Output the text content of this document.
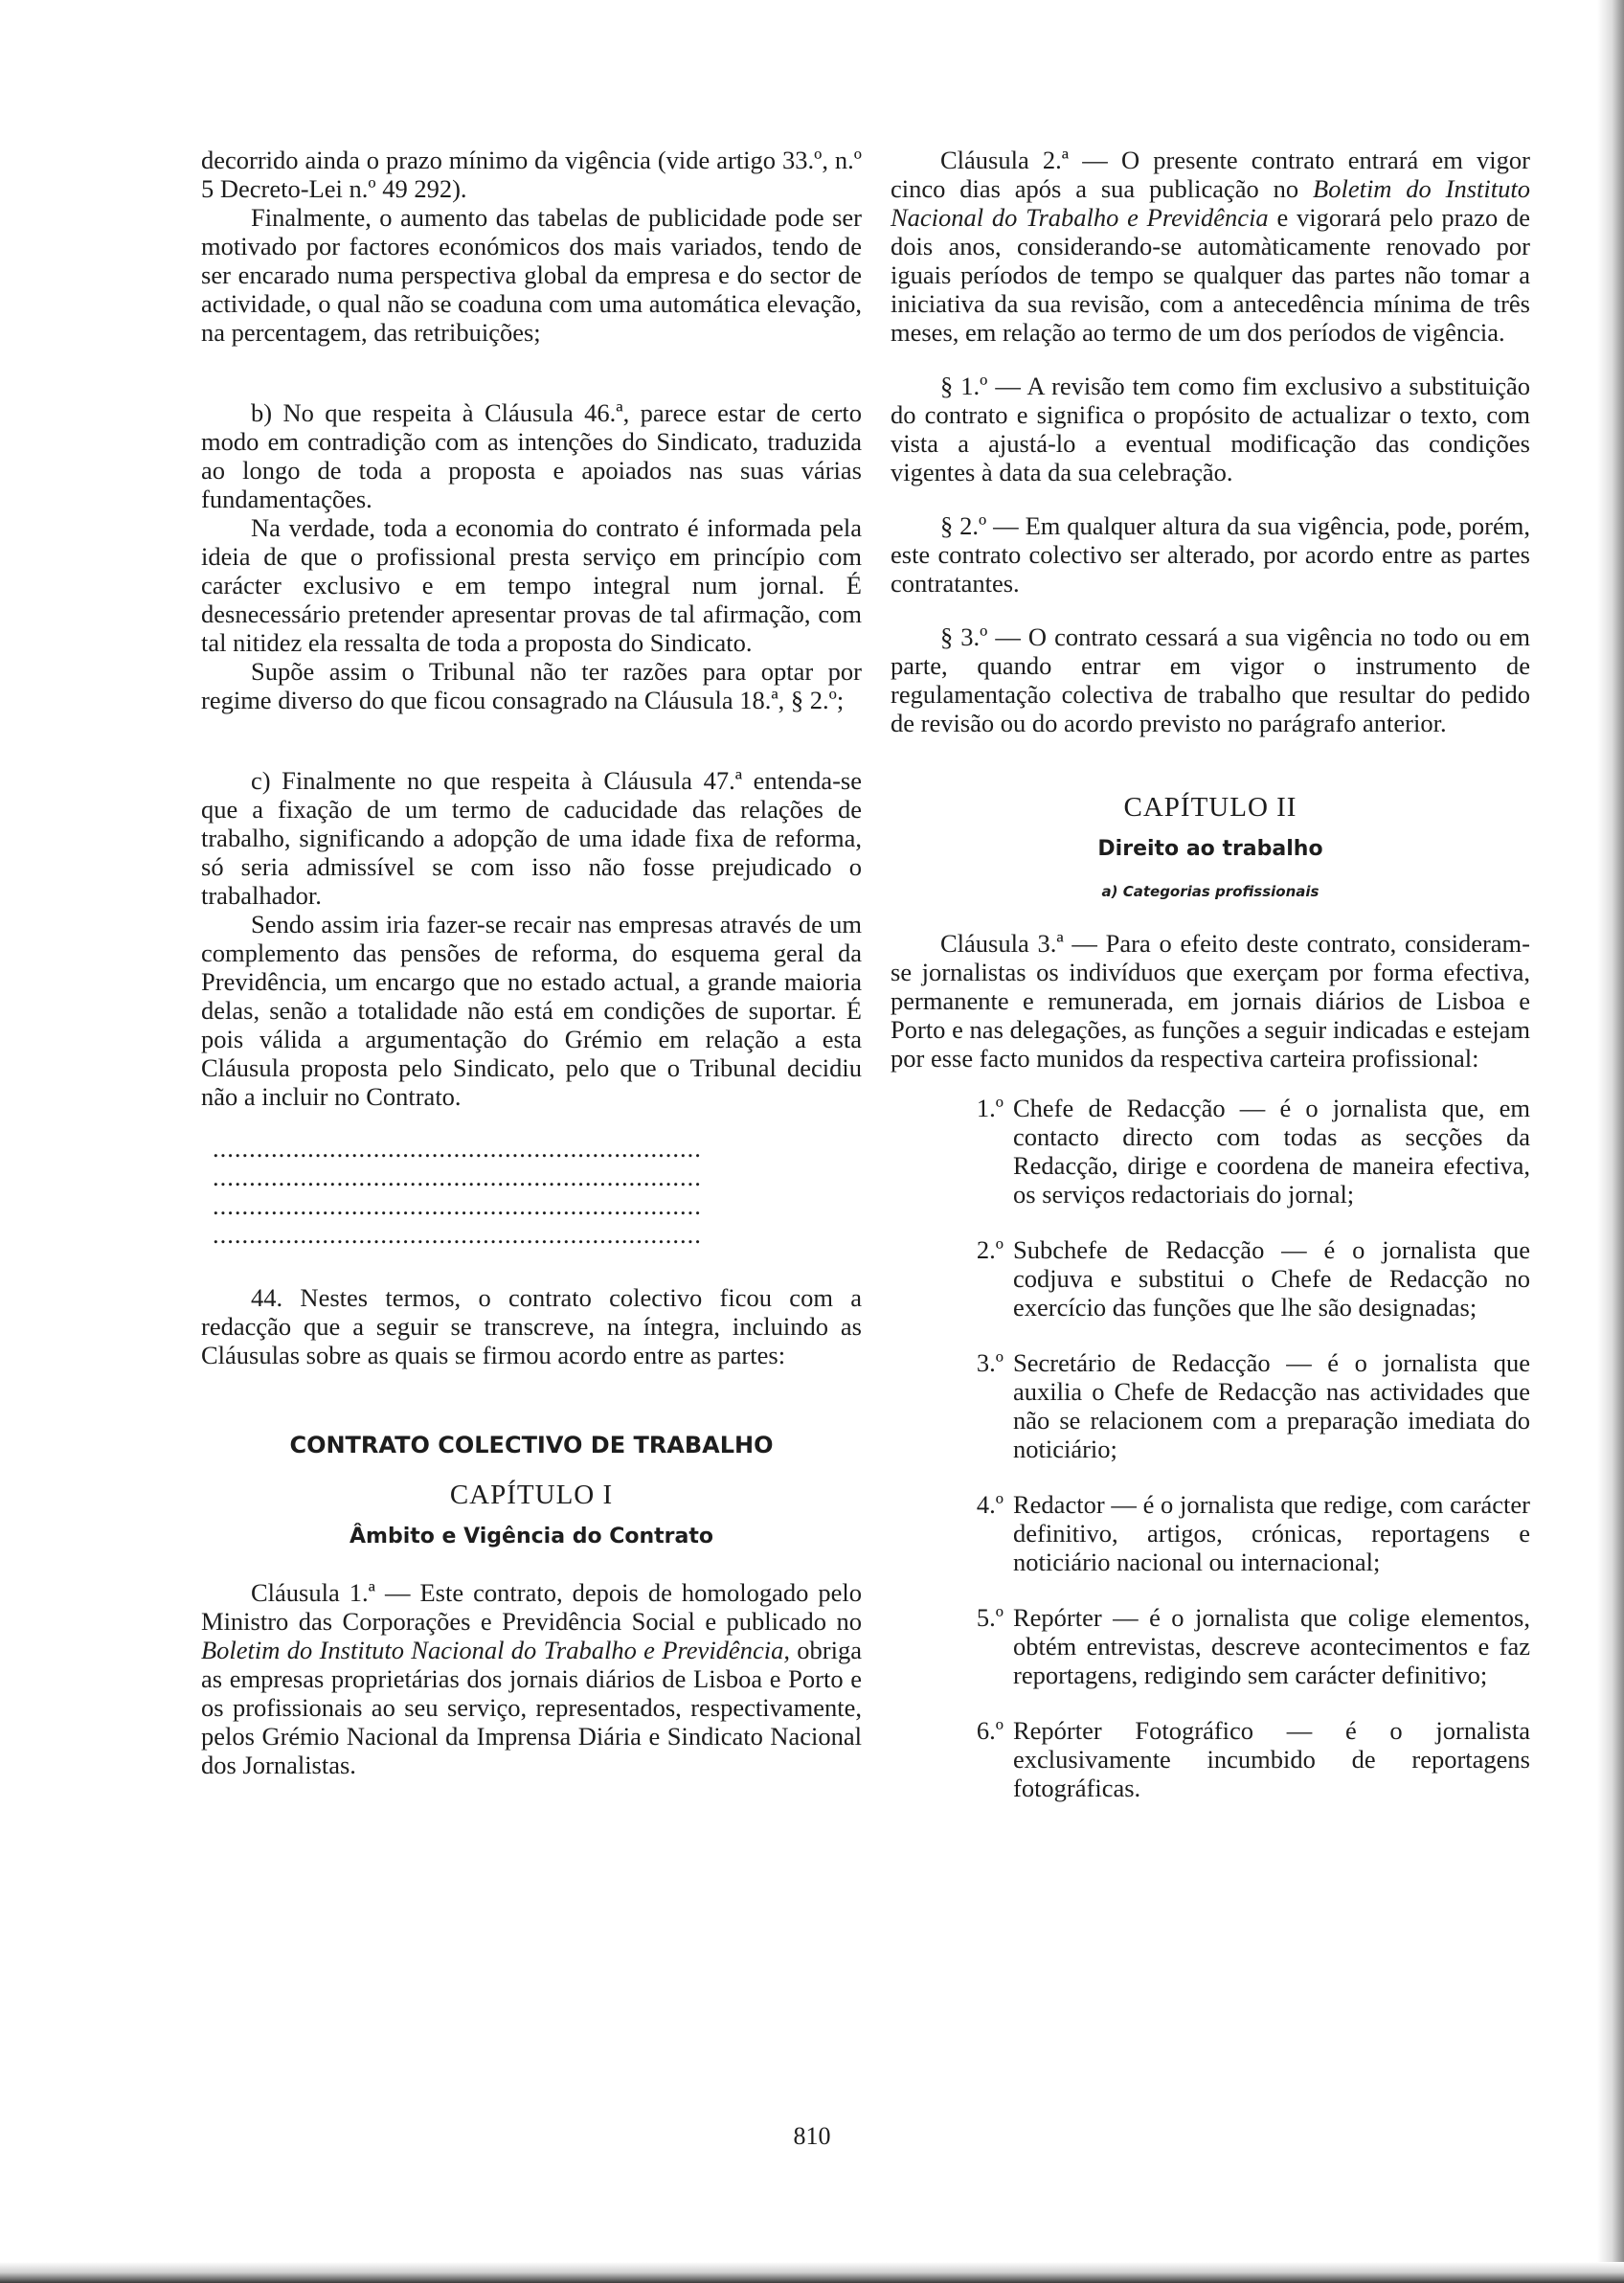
decorrido ainda o prazo mínimo da vigência (vide artigo 33.º, n.º 5 Decreto-Lei n.º 49 292).

Finalmente, o aumento das tabelas de publicidade pode ser motivado por factores económicos dos mais variados, tendo de ser encarado numa perspectiva global da empresa e do sector de actividade, o qual não se coaduna com uma automática elevação, na percentagem, das retribuições;

b) No que respeita à Cláusula 46.ª, parece estar de certo modo em contradição com as intenções do Sindicato, traduzida ao longo de toda a proposta e apoiados nas suas várias fundamentações.

Na verdade, toda a economia do contrato é informada pela ideia de que o profissional presta serviço em princípio com carácter exclusivo e em tempo integral num jornal. É desnecessário pretender apresentar provas de tal afirmação, com tal nitidez ela ressalta de toda a proposta do Sindicato.

Supõe assim o Tribunal não ter razões para optar por regime diverso do que ficou consagrado na Cláusula 18.ª, § 2.º;

c) Finalmente no que respeita à Cláusula 47.ª entenda-se que a fixação de um termo de caducidade das relações de trabalho, significando a adopção de uma idade fixa de reforma, só seria admissível se com isso não fosse prejudicado o trabalhador.

Sendo assim iria fazer-se recair nas empresas através de um complemento das pensões de reforma, do esquema geral da Previdência, um encargo que no estado actual, a grande maioria delas, senão a totalidade não está em condições de suportar. É pois válida a argumentação do Grémio em relação a esta Cláusula proposta pelo Sindicato, pelo que o Tribunal decidiu não a incluir no Contrato.

...................................................................
...................................................................
...................................................................
...................................................................

44. Nestes termos, o contrato colectivo ficou com a redacção que a seguir se transcreve, na íntegra, incluindo as Cláusulas sobre as quais se firmou acordo entre as partes:

CONTRATO COLECTIVO DE TRABALHO
CAPÍTULO I
Âmbito e Vigência do Contrato

Cláusula 1.ª — Este contrato, depois de homologado pelo Ministro das Corporações e Previdência Social e publicado no Boletim do Instituto Nacional do Trabalho e Previdência, obriga as empresas proprietárias dos jornais diários de Lisboa e Porto e os profissionais ao seu serviço, representados, respectivamente, pelos Grémio Nacional da Imprensa Diária e Sindicato Nacional dos Jornalistas.

Cláusula 2.ª — O presente contrato entrará em vigor cinco dias após a sua publicação no Boletim do Instituto Nacional do Trabalho e Previdência e vigorará pelo prazo de dois anos, considerando-se automàticamente renovado por iguais períodos de tempo se qualquer das partes não tomar a iniciativa da sua revisão, com a antecedência mínima de três meses, em relação ao termo de um dos períodos de vigência.

§ 1.º — A revisão tem como fim exclusivo a substituição do contrato e significa o propósito de actualizar o texto, com vista a ajustá-lo a eventual modificação das condições vigentes à data da sua celebração.

§ 2.º — Em qualquer altura da sua vigência, pode, porém, este contrato colectivo ser alterado, por acordo entre as partes contratantes.

§ 3.º — O contrato cessará a sua vigência no todo ou em parte, quando entrar em vigor o instrumento de regulamentação colectiva de trabalho que resultar do pedido de revisão ou do acordo previsto no parágrafo anterior.

CAPÍTULO II
Direito ao trabalho
a) Categorias profissionais

Cláusula 3.ª — Para o efeito deste contrato, consideram-se jornalistas os indivíduos que exerçam por forma efectiva, permanente e remunerada, em jornais diários de Lisboa e Porto e nas delegações, as funções a seguir indicadas e estejam por esse facto munidos da respectiva carteira profissional:

1.º Chefe de Redacção — é o jornalista que, em contacto directo com todas as secções da Redacção, dirige e coordena de maneira efectiva, os serviços redactoriais do jornal;
2.º Subchefe de Redacção — é o jornalista que codjuva e substitui o Chefe de Redacção no exercício das funções que lhe são designadas;
3.º Secretário de Redacção — é o jornalista que auxilia o Chefe de Redacção nas actividades que não se relacionem com a preparação imediata do noticiário;
4.º Redactor — é o jornalista que redige, com carácter definitivo, artigos, crónicas, reportagens e noticiário nacional ou internacional;
5.º Repórter — é o jornalista que colige elementos, obtém entrevistas, descreve acontecimentos e faz reportagens, redigindo sem carácter definitivo;
6.º Repórter Fotográfico — é o jornalista exclusivamente incumbido de reportagens fotográficas.
810
